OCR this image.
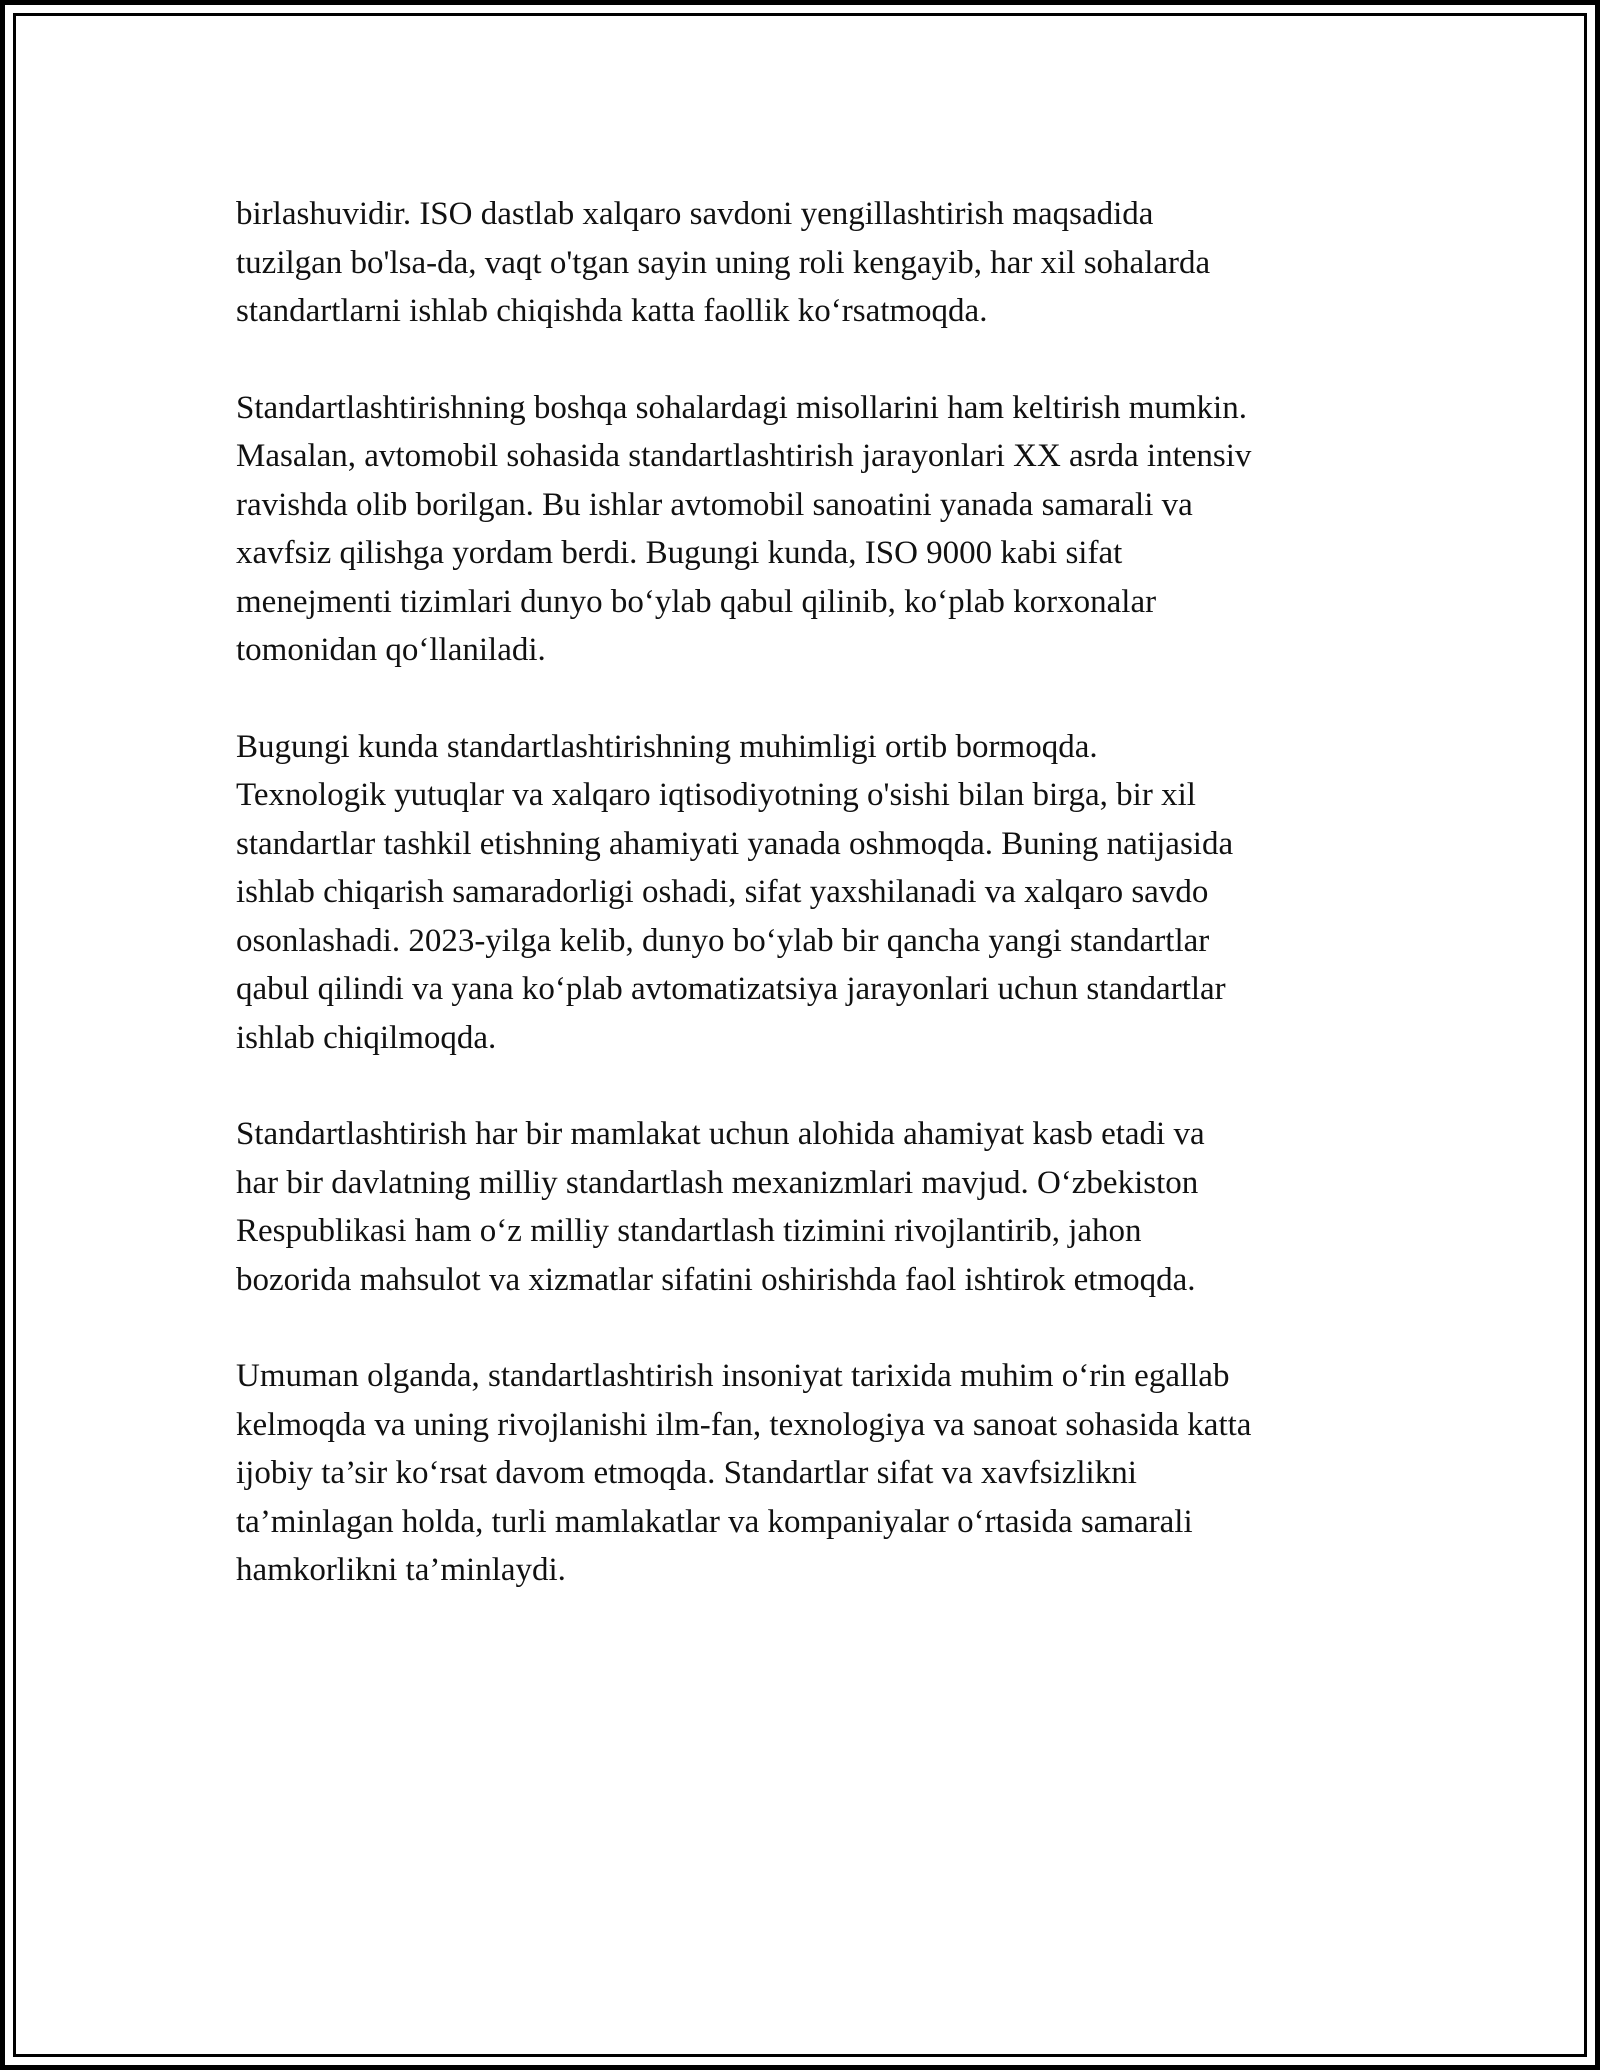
birlashuvidir. ISO dastlab xalqaro savdoni yengillashtirish maqsadida
tuzilgan bo'lsa-da, vaqt o'tgan sayin uning roli kengayib, har xil sohalarda
standartlarni ishlab chiqishda katta faollik ko‘rsatmoqda.

Standartlashtirishning boshqa sohalardagi misollarini ham keltirish mumkin.
Masalan, avtomobil sohasida standartlashtirish jarayonlari XX asrda intensiv
ravishda olib borilgan. Bu ishlar avtomobil sanoatini yanada samarali va
xavfsiz qilishga yordam berdi. Bugungi kunda, ISO 9000 kabi sifat
menejmenti tizimlari dunyo bo‘ylab qabul qilinib, ko‘plab korxonalar
tomonidan qo‘llaniladi.

Bugungi kunda standartlashtirishning muhimligi ortib bormoqda.
Texnologik yutuqlar va xalqaro iqtisodiyotning o'sishi bilan birga, bir xil
standartlar tashkil etishning ahamiyati yanada oshmoqda. Buning natijasida
ishlab chiqarish samaradorligi oshadi, sifat yaxshilanadi va xalqaro savdo
osonlashadi. 2023-yilga kelib, dunyo bo‘ylab bir qancha yangi standartlar
qabul qilindi va yana ko‘plab avtomatizatsiya jarayonlari uchun standartlar
ishlab chiqilmoqda.

Standartlashtirish har bir mamlakat uchun alohida ahamiyat kasb etadi va
har bir davlatning milliy standartlash mexanizmlari mavjud. O‘zbekiston
Respublikasi ham o‘z milliy standartlash tizimini rivojlantirib, jahon
bozorida mahsulot va xizmatlar sifatini oshirishda faol ishtirok etmoqda.

Umuman olganda, standartlashtirish insoniyat tarixida muhim o‘rin egallab
kelmoqda va uning rivojlanishi ilm-fan, texnologiya va sanoat sohasida katta
ijobiy ta’sir ko‘rsat davom etmoqda. Standartlar sifat va xavfsizlikni
ta’minlagan holda, turli mamlakatlar va kompaniyalar o‘rtasida samarali
hamkorlikni ta’minlaydi.
